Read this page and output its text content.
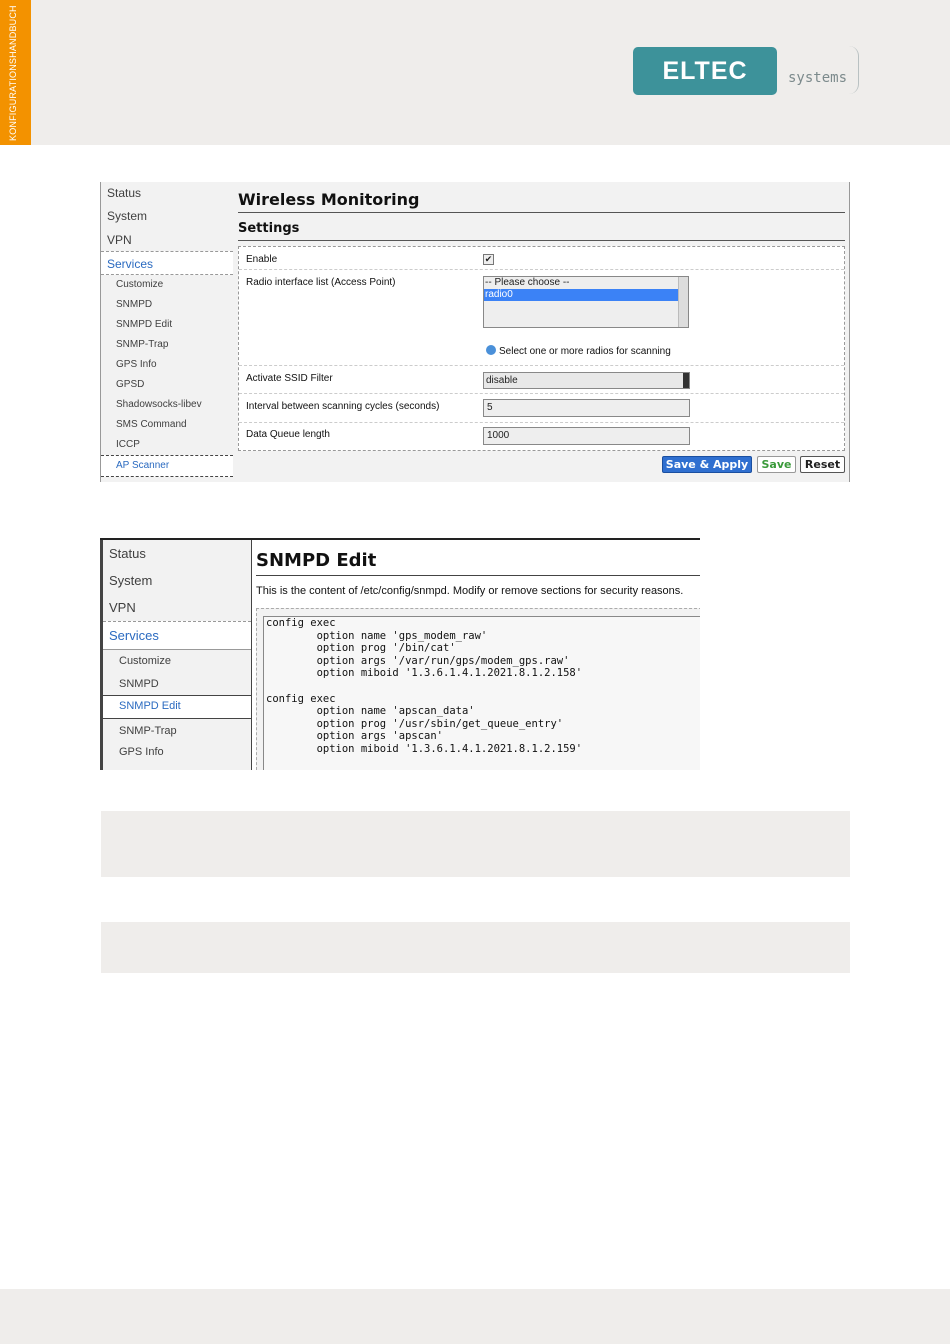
KONFIGURATIONSHANDBUCH	ELTEC	systems
Status
System
VPN
Services
Customize
SNMPD
SNMPD Edit
SNMP-Trap
GPS Info
GPSD
Shadowsocks-libev
SMS Command
ICCP
AP Scanner
Wireless Monitoring
Settings
Enable	✔
Radio interface list (Access Point)	-- Please choose --
radio0
Select one or more radios for scanning
Activate SSID Filter	disable
Interval between scanning cycles (seconds)	5
Data Queue length	1000
Save & Apply	Save	Reset
Status
System
VPN
Services
Customize
SNMPD
SNMPD Edit
SNMP-Trap
GPS Info
SNMPD Edit
This is the content of /etc/config/snmpd. Modify or remove sections for security reasons.
config exec
option name 'gps_modem_raw'
option prog '/bin/cat'
option args '/var/run/gps/modem_gps.raw'
option miboid '1.3.6.1.4.1.2021.8.1.2.158'

config exec
option name 'apscan_data'
option prog '/usr/sbin/get_queue_entry'
option args 'apscan'
option miboid '1.3.6.1.4.1.2021.8.1.2.159'
